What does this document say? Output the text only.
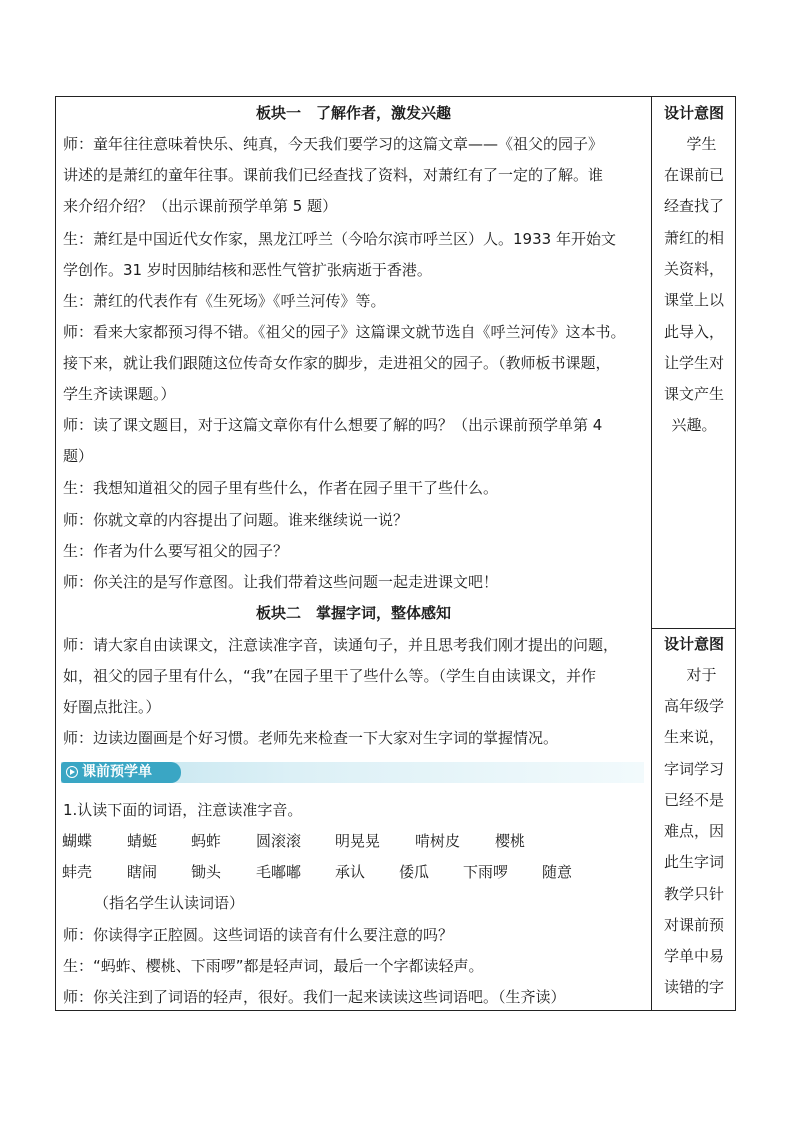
板块一　了解作者，激发兴趣
师：童年往往意味着快乐、纯真，今天我们要学习的这篇文章——《祖父的园子》
讲述的是萧红的童年往事。课前我们已经查找了资料，对萧红有了一定的了解。谁
来介绍介绍？（出示课前预学单第 5 题）
生：萧红是中国近代女作家，黑龙江呼兰（今哈尔滨市呼兰区）人。1933 年开始文
学创作。31 岁时因肺结核和恶性气管扩张病逝于香港。
生：萧红的代表作有《生死场》《呼兰河传》等。
师：看来大家都预习得不错。《祖父的园子》这篇课文就节选自《呼兰河传》这本书。
接下来，就让我们跟随这位传奇女作家的脚步，走进祖父的园子。（教师板书课题，
学生齐读课题。）
师：读了课文题目，对于这篇文章你有什么想要了解的吗？（出示课前预学单第 4
题）
生：我想知道祖父的园子里有些什么，作者在园子里干了些什么。
师：你就文章的内容提出了问题。谁来继续说一说？
生：作者为什么要写祖父的园子？
师：你关注的是写作意图。让我们带着这些问题一起走进课文吧！
板块二　掌握字词，整体感知
师：请大家自由读课文，注意读准字音，读通句子，并且思考我们刚才提出的问题，
如，祖父的园子里有什么，“我”在园子里干了些什么等。（学生自由读课文，并作
好圈点批注。）
师：边读边圈画是个好习惯。老师先来检查一下大家对生字词的掌握情况。
课前预学单
1.认读下面的词语，注意读准字音。
蝴蝶 蜻蜓 蚂蚱 圆滚滚 明晃晃 啃树皮 樱桃
蚌壳 瞎闹 锄头 毛嘟嘟 承认 倭瓜 下雨啰 随意
（指名学生认读词语）
师：你读得字正腔圆。这些词语的读音有什么要注意的吗？
生：“蚂蚱、樱桃、下雨啰”都是轻声词，最后一个字都读轻声。
师：你关注到了词语的轻声，很好。我们一起来读读这些词语吧。（生齐读）
设计意图
　学生
在课前已
经查找了
萧红的相
关资料，
课堂上以
此导入，
让学生对
课文产生
兴趣。
设计意图
　对于
高年级学
生来说，
字词学习
已经不是
难点，因
此生字词
教学只针
对课前预
学单中易
读错的字
